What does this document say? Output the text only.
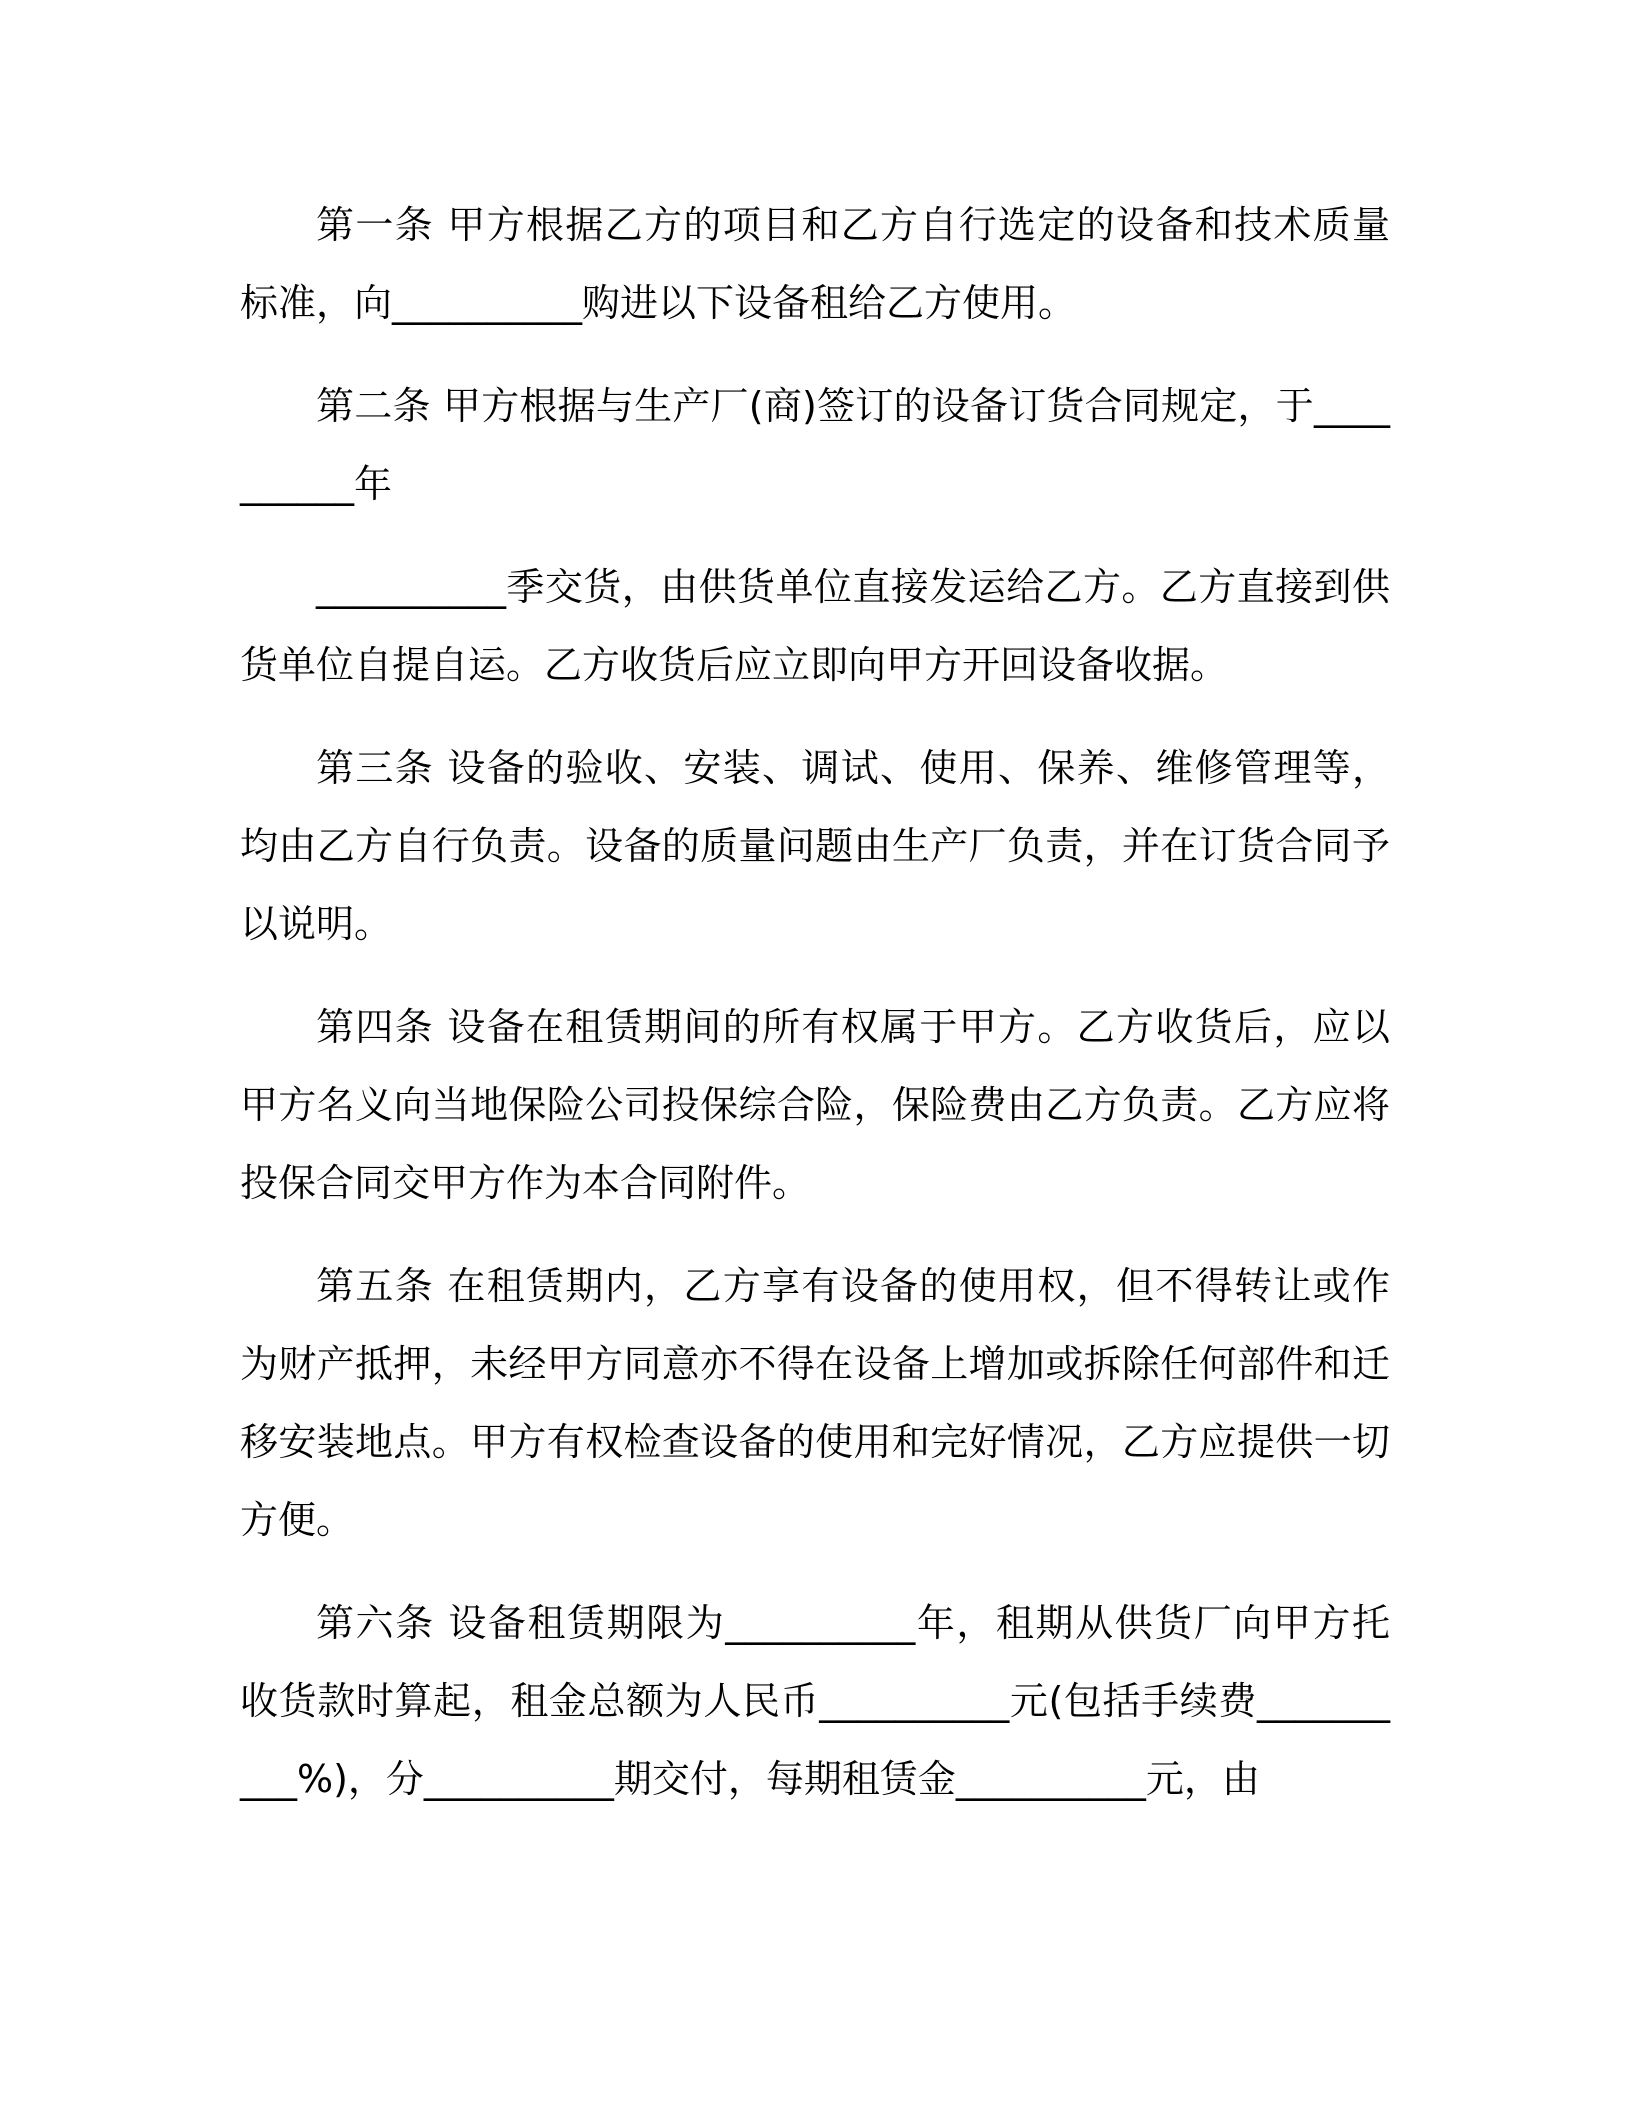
第一条 甲方根据乙方的项目和乙方自行选定的设备和技术质量标准，向__________购进以下设备租给乙方使用。

第二条 甲方根据与生产厂(商)签订的设备订货合同规定，于__________年

__________季交货，由供货单位直接发运给乙方。乙方直接到供货单位自提自运。乙方收货后应立即向甲方开回设备收据。

第三条 设备的验收、安装、调试、使用、保养、维修管理等，均由乙方自行负责。设备的质量问题由生产厂负责，并在订货合同予以说明。

第四条 设备在租赁期间的所有权属于甲方。乙方收货后，应以甲方名义向当地保险公司投保综合险，保险费由乙方负责。乙方应将投保合同交甲方作为本合同附件。

第五条 在租赁期内，乙方享有设备的使用权，但不得转让或作为财产抵押，未经甲方同意亦不得在设备上增加或拆除任何部件和迁移安装地点。甲方有权检查设备的使用和完好情况，乙方应提供一切方便。

第六条 设备租赁期限为__________年，租期从供货厂向甲方托收货款时算起，租金总额为人民币__________元(包括手续费__________%)，分__________期交付，每期租赁金__________元，由
